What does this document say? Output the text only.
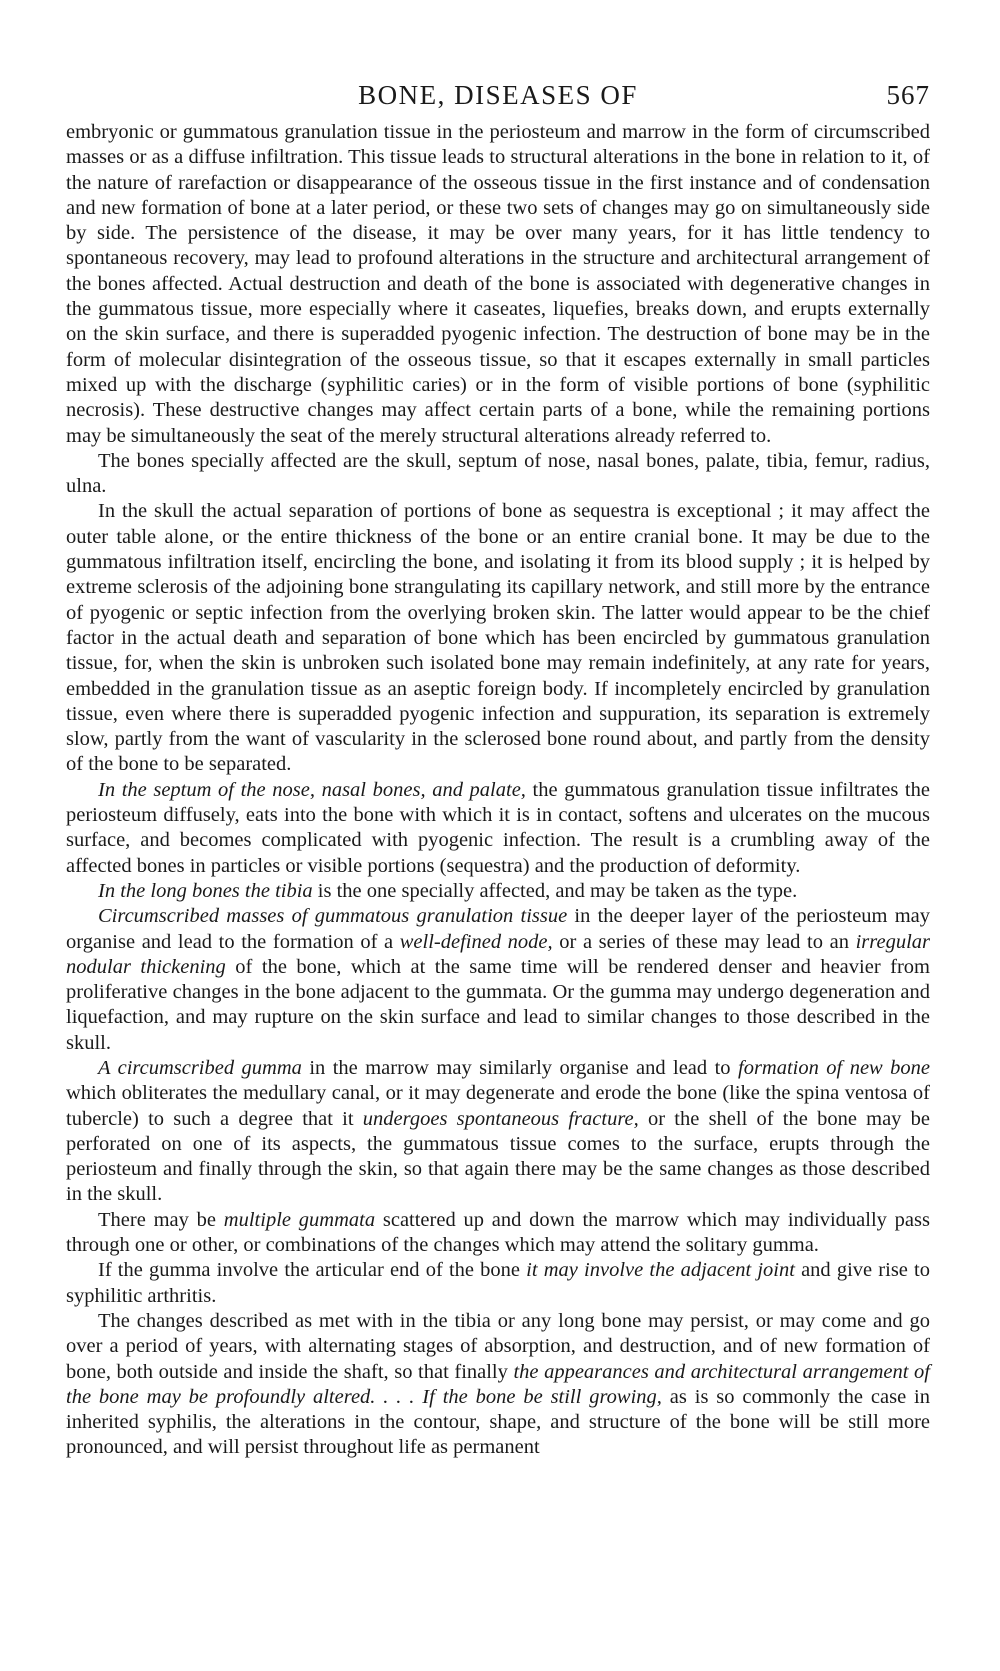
BONE, DISEASES OF	567

embryonic or gummatous granulation tissue in the periosteum and marrow in the form of circumscribed masses or as a diffuse infiltration. This tissue leads to structural alterations in the bone in relation to it, of the nature of rarefaction or disappearance of the osseous tissue in the first instance and of condensation and new formation of bone at a later period, or these two sets of changes may go on simultaneously side by side. The persistence of the disease, it may be over many years, for it has little tendency to spontaneous recovery, may lead to profound alterations in the structure and architectural arrangement of the bones affected. Actual destruction and death of the bone is associated with degenerative changes in the gummatous tissue, more especially where it caseates, liquefies, breaks down, and erupts externally on the skin surface, and there is superadded pyogenic infection. The destruction of bone may be in the form of molecular disintegration of the osseous tissue, so that it escapes externally in small particles mixed up with the discharge (syphilitic caries) or in the form of visible portions of bone (syphilitic necrosis). These destructive changes may affect certain parts of a bone, while the remaining portions may be simultaneously the seat of the merely structural alterations already referred to.

The bones specially affected are the skull, septum of nose, nasal bones, palate, tibia, femur, radius, ulna.

In the skull the actual separation of portions of bone as sequestra is exceptional ; it may affect the outer table alone, or the entire thickness of the bone or an entire cranial bone. It may be due to the gummatous infiltration itself, encircling the bone, and isolating it from its blood supply ; it is helped by extreme sclerosis of the adjoining bone strangulating its capillary network, and still more by the entrance of pyogenic or septic infection from the overlying broken skin. The latter would appear to be the chief factor in the actual death and separation of bone which has been encircled by gummatous granulation tissue, for, when the skin is unbroken such isolated bone may remain indefinitely, at any rate for years, embedded in the granulation tissue as an aseptic foreign body. If incompletely encircled by granulation tissue, even where there is superadded pyogenic infection and suppuration, its separation is extremely slow, partly from the want of vascularity in the sclerosed bone round about, and partly from the density of the bone to be separated.

In the septum of the nose, nasal bones, and palate, the gummatous granulation tissue infiltrates the periosteum diffusely, eats into the bone with which it is in contact, softens and ulcerates on the mucous surface, and becomes complicated with pyogenic infection. The result is a crumbling away of the affected bones in particles or visible portions (sequestra) and the production of deformity.

In the long bones the tibia is the one specially affected, and may be taken as the type.

Circumscribed masses of gummatous granulation tissue in the deeper layer of the periosteum may organise and lead to the formation of a well-defined node, or a series of these may lead to an irregular nodular thickening of the bone, which at the same time will be rendered denser and heavier from proliferative changes in the bone adjacent to the gummata. Or the gumma may undergo degeneration and liquefaction, and may rupture on the skin surface and lead to similar changes to those described in the skull.

A circumscribed gumma in the marrow may similarly organise and lead to formation of new bone which obliterates the medullary canal, or it may degenerate and erode the bone (like the spina ventosa of tubercle) to such a degree that it undergoes spontaneous fracture, or the shell of the bone may be perforated on one of its aspects, the gummatous tissue comes to the surface, erupts through the periosteum and finally through the skin, so that again there may be the same changes as those described in the skull.

There may be multiple gummata scattered up and down the marrow which may individually pass through one or other, or combinations of the changes which may attend the solitary gumma.

If the gumma involve the articular end of the bone it may involve the adjacent joint and give rise to syphilitic arthritis.

The changes described as met with in the tibia or any long bone may persist, or may come and go over a period of years, with alternating stages of absorption, and destruction, and of new formation of bone, both outside and inside the shaft, so that finally the appearances and architectural arrangement of the bone may be profoundly altered. . . . If the bone be still growing, as is so commonly the case in inherited syphilis, the alterations in the contour, shape, and structure of the bone will be still more pronounced, and will persist throughout life as permanent
